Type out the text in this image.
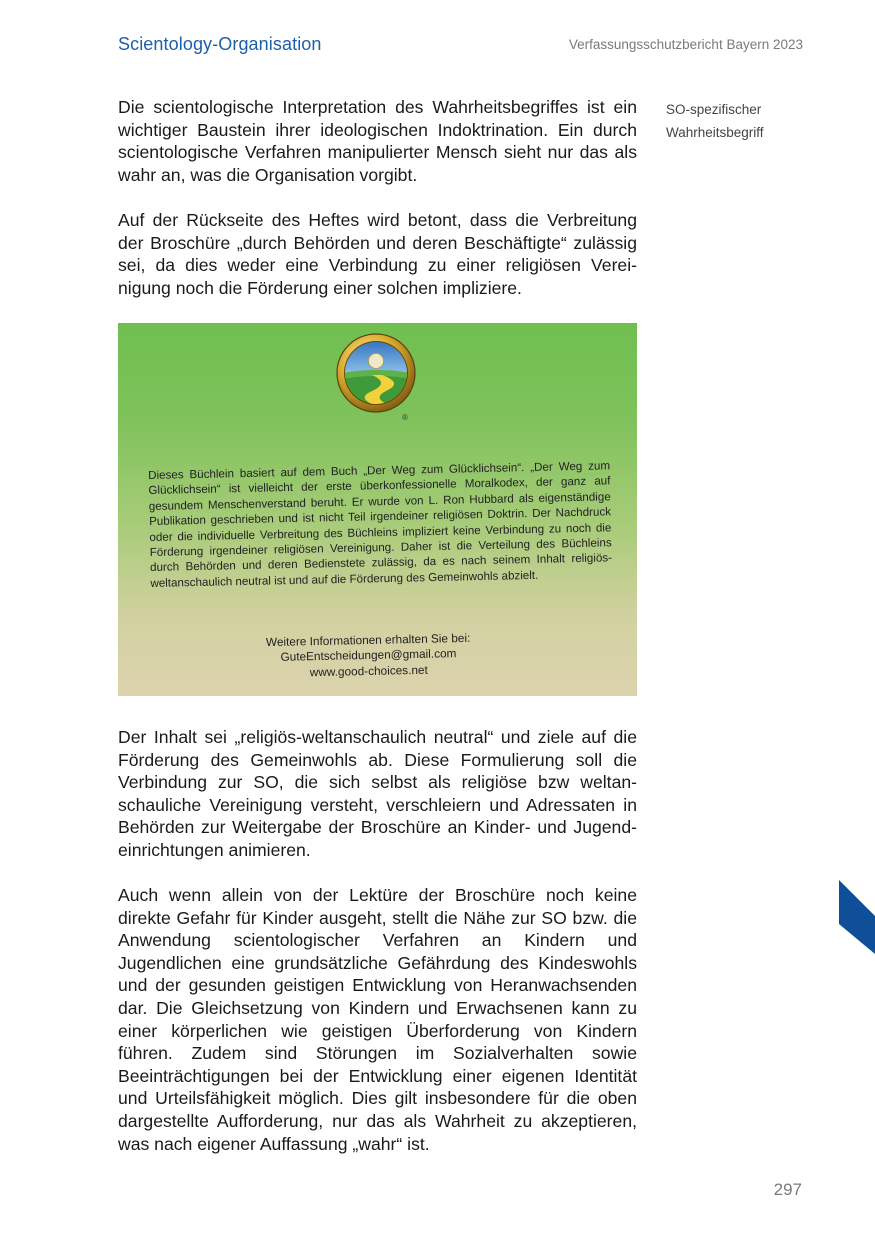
Scientology-Organisation	Verfassungsschutzbericht Bayern 2023
SO-spezifischer Wahrheitsbegriff

Die scientologische Interpretation des Wahrheitsbegriffes ist ein wichtiger Baustein ihrer ideologischen Indoktrination. Ein durch scientologische Verfahren manipulierter Mensch sieht nur das als wahr an, was die Organisation vorgibt.

Auf der Rückseite des Heftes wird betont, dass die Verbreitung der Broschüre „durch Behörden und deren Beschäftigte“ zulässig sei, da dies weder eine Verbindung zu einer religiösen Vereinigung noch die Förderung einer solchen impliziere.

®

Dieses Büchlein basiert auf dem Buch „Der Weg zum Glücklichsein“. „Der Weg zum Glücklichsein“ ist vielleicht der erste überkonfessionelle Moralkodex, der ganz auf gesundem Menschenverstand beruht. Er wurde von L. Ron Hubbard als eigenständige Publikation geschrieben und ist nicht Teil irgendeiner religiösen Doktrin. Der Nachdruck oder die individuelle Verbreitung des Büchleins impliziert keine Verbindung zu noch die Förderung irgendeiner religiösen Vereinigung. Daher ist die Verteilung des Büchleins durch Behörden und deren Bedienstete zulässig, da es nach seinem Inhalt religiös-weltanschaulich neutral ist und auf die Förderung des Gemeinwohls abzielt.

Weitere Informationen erhalten Sie bei:
GuteEntscheidungen@gmail.com
www.good-choices.net

Der Inhalt sei „religiös-weltanschaulich neutral“ und ziele auf die Förderung des Gemeinwohls ab. Diese Formulierung soll die Verbindung zur SO, die sich selbst als religiöse bzw weltanschauliche Vereinigung versteht, verschleiern und Adressaten in Behörden zur Weitergabe der Broschüre an Kinder- und Jugendeinrichtungen animieren.

Auch wenn allein von der Lektüre der Broschüre noch keine direkte Gefahr für Kinder ausgeht, stellt die Nähe zur SO bzw. die Anwendung scientologischer Verfahren an Kindern und Jugendlichen eine grundsätzliche Gefährdung des Kindeswohls und der gesunden geistigen Entwicklung von Heranwachsenden dar. Die Gleichsetzung von Kindern und Erwachsenen kann zu einer körperlichen wie geistigen Überforderung von Kindern führen. Zudem sind Störungen im Sozialverhalten sowie Beeinträchtigungen bei der Entwicklung einer eigenen Identität und Urteilsfähigkeit möglich. Dies gilt insbesondere für die oben dargestellte Aufforderung, nur das als Wahrheit zu akzeptieren, was nach eigener Auffassung „wahr“ ist.

297
